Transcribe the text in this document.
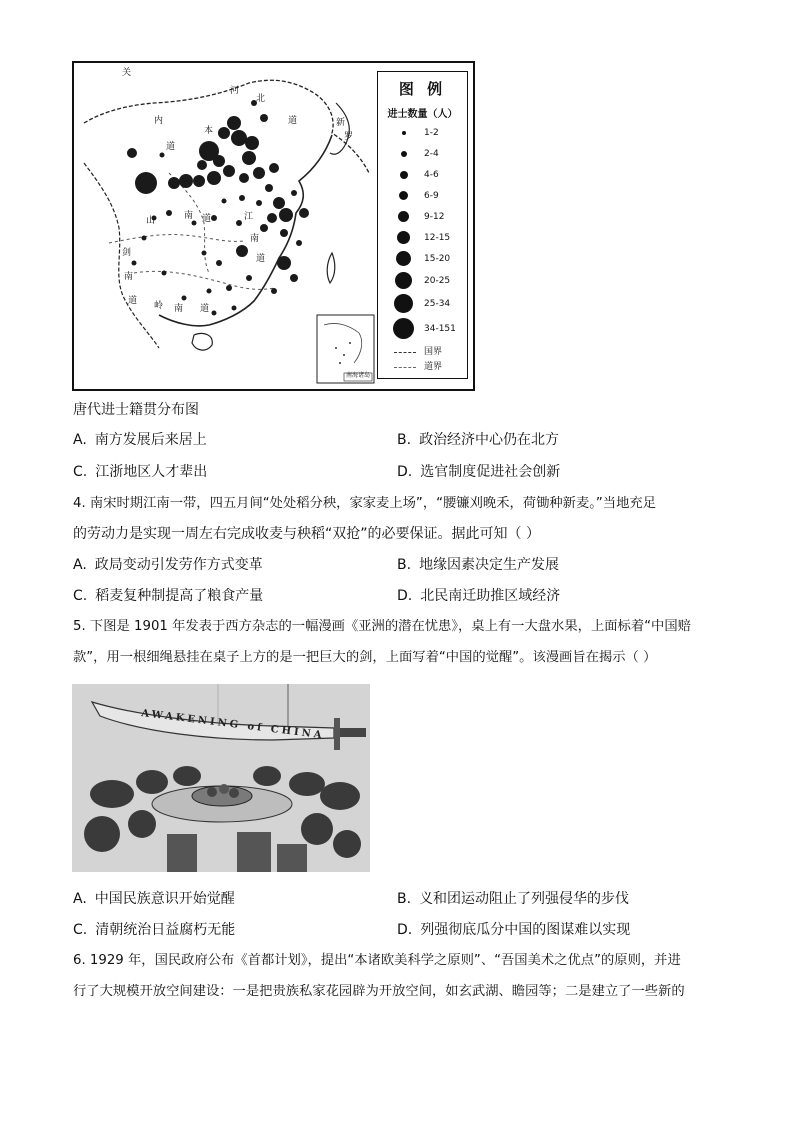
关
内
道
河
北
道	新
罗
山	南 道
剑
南
道
江
南
道
岭 南 道
本
南海诸岛
图 例
进士数量（人）
1-2
2-4
4-6
6-9
9-12
12-15
15-20
20-25
25-34
34-151
国界
道界
唐代进士籍贯分布图
A. 南方发展后来居上	B. 政治经济中心仍在北方
C. 江浙地区人才辈出	D. 选官制度促进社会创新
4. 南宋时期江南一带，四五月间“处处稻分秧，家家麦上场”，“腰镰刈晚禾，荷锄种新麦。”当地充足
的劳动力是实现一周左右完成收麦与秧稻“双抢”的必要保证。据此可知（ ）
A. 政局变动引发劳作方式变革	B. 地缘因素决定生产发展
C. 稻麦复种制提高了粮食产量	D. 北民南迁助推区域经济
5. 下图是 1901 年发表于西方杂志的一幅漫画《亚洲的潜在忧患》，桌上有一大盘水果，上面标着“中国赔
款”，用一根细绳悬挂在桌子上方的是一把巨大的剑，上面写着“中国的觉醒”。该漫画旨在揭示（ ）
AWAKENING of CHINA
A. 中国民族意识开始觉醒	B. 义和团运动阻止了列强侵华的步伐
C. 清朝统治日益腐朽无能	D. 列强彻底瓜分中国的图谋难以实现
6. 1929 年，国民政府公布《首都计划》，提出“本诸欧美科学之原则”、“吾国美术之优点”的原则，并进
行了大规模开放空间建设：一是把贵族私家花园辟为开放空间，如玄武湖、瞻园等；二是建立了一些新的
